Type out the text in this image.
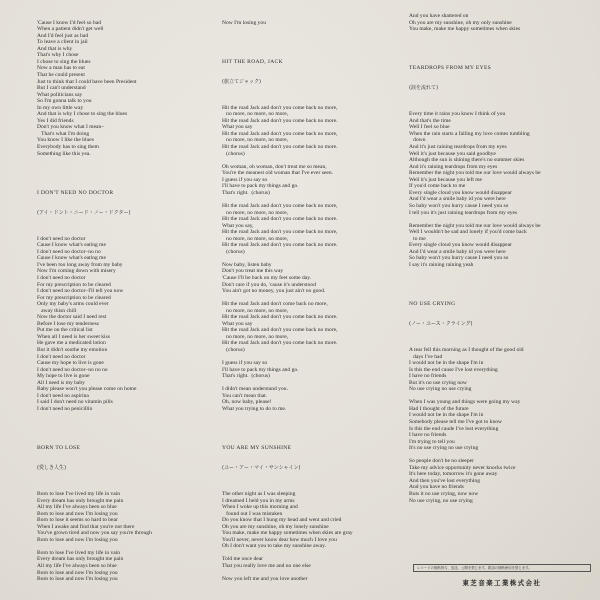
'Cause I know I'd feel so bad
When a patient didn't get well
And I'd feel just as bad
To leave a client in jail
And that is why
That's why I chose
I chose to sing the blues
Now a man has to eat
That he could present
Just to think that I could have been President
But I can't understand
What politicians say
So I'm gonna talk to you
In my own little way
And that is why I chose to sing the blues
Yes I did friends
Don't you know what I mean–
That's what I'm doing
You know I like the blues
Everybody has to sing them
Something like this yea.

I DON'T NEED NO DOCTOR

(アイ・ドント・ニード・ノー・ドクター)

I don't need no doctor
Cause I know what's eating me
I don't need no doctor–no no
Cause I know what's eating me
I've been too long away from my baby
Now I'm coming down with misery
I don't need no doctor
For my prescription to be cleared
I don't need no doctor–I'll tell you now
For my prescription to be cleared
Only my baby's arms could ever
away thisn chill
Now the doctor said I need rest
Before I lose my tenderness
Put me on the critical list
When all I need is her sweet kiss
He gave me a medicated lotion
But it didn't soothe my emotion
I don't need no doctor
Cause my hope to live is gone
I don't need no doctor–no no no
My hope to live is gone
All I need is my baby
Baby please won't you please come on home
I don't need no aspirina
I said I don't need no vitamin pills
I don't need no penicillin

BORN TO LOSE

(愛しき人生)

Born to lose I've lived my life in vain
Every dream has only brought me pain
All my life I've always been so blue
Born to lose and now I'm losing you
Born to lose it seems so hard to bear
When I awake and find that you're not there
You've grown tired and now you say you're through
Born to lose and now I'm losing you
Born to lose I've lived my life in vain
Every dream has only brought me pain
All my life I've always been so blue
Born to lose and now I'm losing you
Born to lose and now I'm losing you

Now I'm losing you

HIT THE ROAD, JACK

(旅立てジャック)

Hit the road Jack and don't you come back no more,
no more, no more, no more,
Hit the road Jack and don't you come back no more.
What you say
Hit the road Jack and don't you come back no more,
no more, no more, no more,
Hit the road Jack and don't you come back no more.
(chorus)
Oh woman, oh woman, don't treat me so mean,
You're the meanest old woman that I've ever seen.
I guess if you say so
I'll have to pack my things and go.
That's right.  (chorus)
Hit the road Jack and don't you come back no more,
no more, no more, no more,
Hit the road Jack and don't you come back no more.
What you say,
Hit the road Jack and don't you come back no more,
no more, no more, no more,
Hit the road Jack and don't you come back no more.
(chorus)
Now baby, listen baby
Don't you treat me this way
'Cause I'll be back on my feet some day.
Don't care if you do, 'cause it's understood
You ain't got no money, you just ain't no good.
Hit the road Jack and don't come back no more,
no more, no more, no more,
Hit the road Jack and don't you come back no more.
What you say
Hit the road Jack and don't you come back no more,
no more, no more, no more,
Hit the road Jack and don't you come back no more.
(chorus)
I guess if you say so
I'll have to pack my things and go.
That's right.  (chorus)
I didn't mean understand you.
You can't mean that.
Oh, now baby, please!
What you trying to do to me.

YOU ARE MY SUNSHINE

(ユー・アー・マイ・サンシャイン)

The other night as I was sleeping
I dreamed I held you in my arms
When I woke up this morning and
found out I was mistaken
Do you know that I hung my head and went and cried
Oh you are my sunshine, oh my lonely sunshine
You make, make me happy sometimes when skies are gray
You'll never, never know dear how much I love you
Oh I don't want you to take my sunshine away.
Told me once dear
That you really love me and no one else
Now you left me and you love another

And you have shattered on
Oh you are my sunshine, oh my only sunshine
You make, make me happy sometimes when skies

TEARDROPS FROM MY EYES

(涙を流れて)

Every time it rains you know I think of you
And that's the time
Well I feel so blue
When the rain starts a falling my love comes tumbling
down
And it's just raining teardrops from my eyes
Well it's just because you said goodbye
Although the sun is shining there's no summer skies
And it's raining teardrops from my eyes
Remember the night you told me our love would always be
Well it's just because you left me
If you'd come back to me
Every single cloud you know would disappear
And I'd wear a smile baby id you were here
So baby won't you hurry cause I need you so
I tell you it's just raining teardrops from my eyes
Remember the night you told me our love would always be
Well I wouldn't be sad and lonely if you'd come back
to me
Every single cloud you know would disappear
And I'd wear a smile baby id you were here
So baby won't you hurry cause I need you so
I say it's raining raining yeah

NO USE CRYING

(ノー・ユース・クライング)

A tear fell this morning as I thought of the good old
days I've had
I would not be in the shape I'm in
Is this the end cause I've lost everything
I have no friends
But it's no use crying now
No use crying no use crying
When I was young and things were going my way
Had I thought of the future
I would not be in the shape I'm in
Somebody please tell me I've got to know
Is this the end caude I've lost everything
I have no friends
I'm trying to tell you
It's no use crying no use crying
So people don't be no sleeper
Take my advice opportunity never knocks twice
It's here today, tomorrow it's gone away
And then you've lost everything
And you have no friends
Buts it no use crying, now now
No use crying, no use crying

レコードの無断貸与、放送、公開を禁じます。歌詞の無断使用を禁じます。
東芝音楽工業株式会社
